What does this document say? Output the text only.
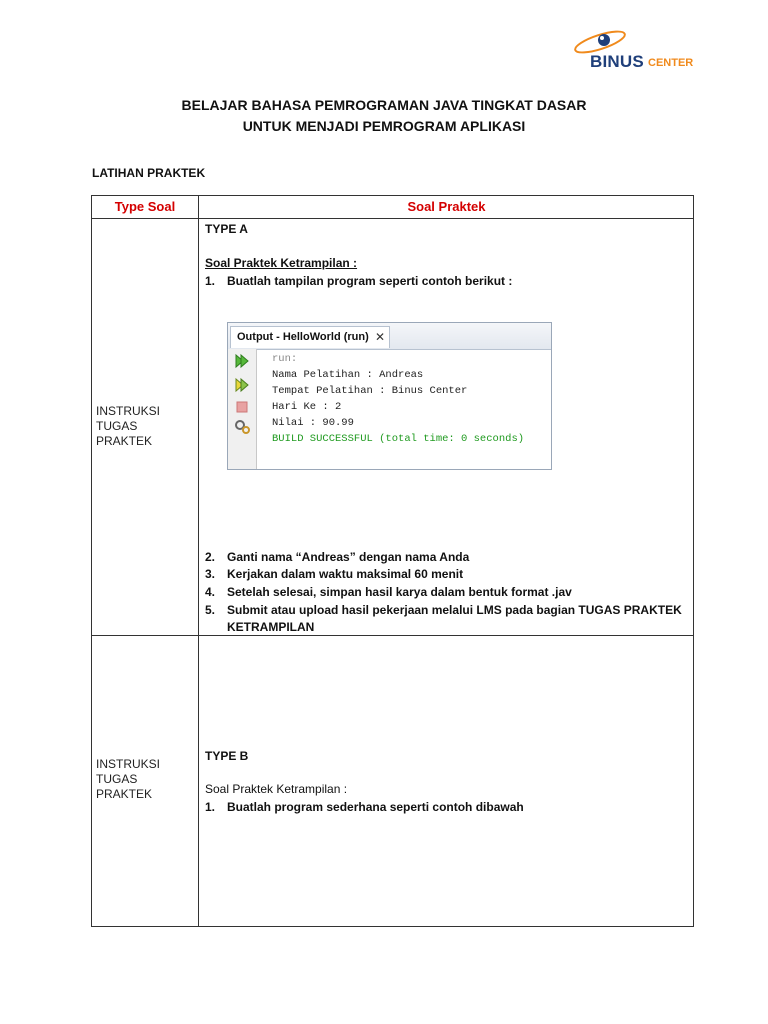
BINUS CENTER
BELAJAR BAHASA PEMROGRAMAN JAVA TINGKAT DASAR
UNTUK MENJADI PEMROGRAM APLIKASI
LATIHAN PRAKTEK
Type Soal	Soal Praktek
INSTRUKSI
TUGAS
PRAKTEK
TYPE A
Soal Praktek Ketrampilan :
1. Buatlah tampilan program seperti contoh berikut :
Output - HelloWorld (run) ✕
run:
Nama Pelatihan : Andreas
Tempat Pelatihan : Binus Center
Hari Ke : 2
Nilai : 90.99
BUILD SUCCESSFUL (total time: 0 seconds)
2. Ganti nama “Andreas” dengan nama Anda
3. Kerjakan dalam waktu maksimal 60 menit
4. Setelah selesai, simpan hasil karya dalam bentuk format .jav
5. Submit atau upload hasil pekerjaan melalui LMS pada bagian TUGAS PRAKTEK
KETRAMPILAN
INSTRUKSI
TUGAS
PRAKTEK
TYPE B
Soal Praktek Ketrampilan :
1. Buatlah program sederhana seperti contoh dibawah
